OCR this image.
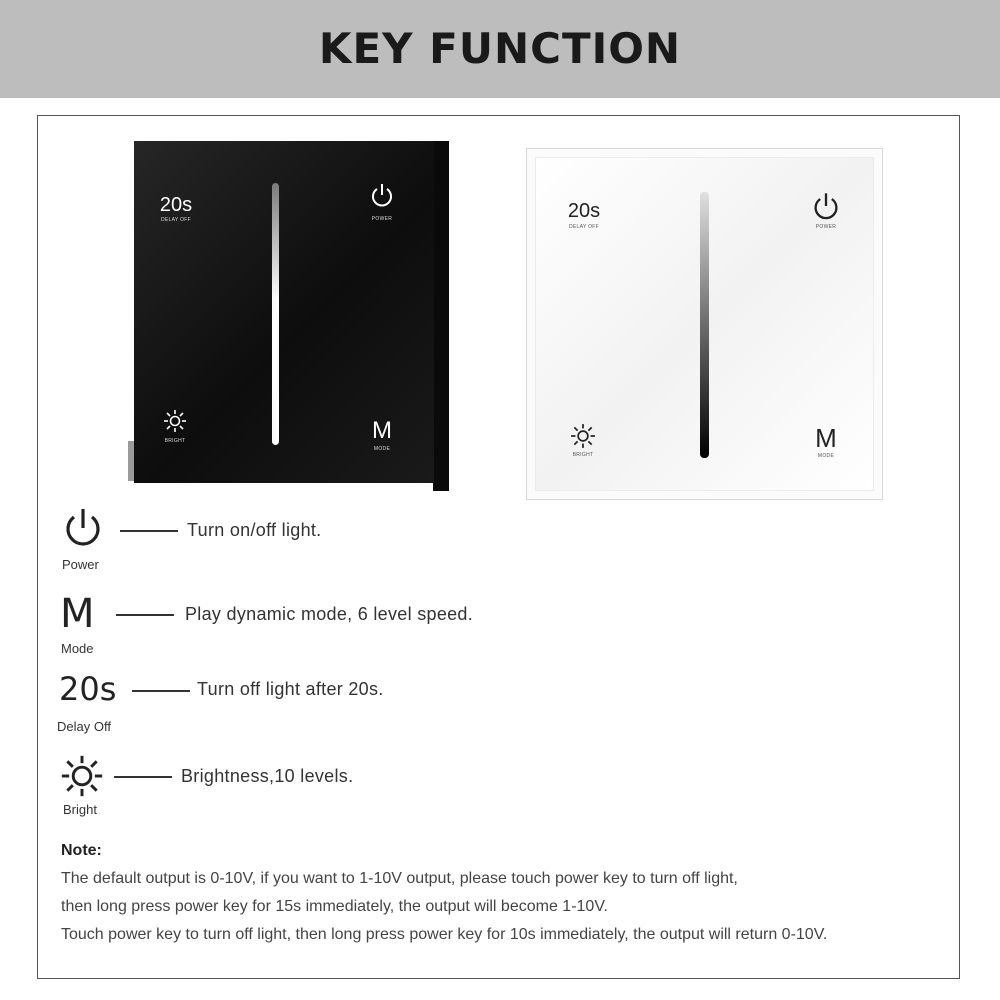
KEY FUNCTION
20s
DELAY OFF	POWER
BRIGHT	M
MODE
20s
DELAY OFF	POWER
BRIGHT
M
MODE
Power
Turn on/off light.
M
Mode
Play dynamic mode, 6 level speed.
20s
Delay Off
Turn off light after 20s.
Bright
Brightness,10 levels.
Note:
The default output is 0-10V, if you want to 1-10V output, please touch power key to turn off light,
then long press power key for 15s immediately, the output will become 1-10V.
Touch power key to turn off light, then long press power key for 10s immediately, the output will return 0-10V.
